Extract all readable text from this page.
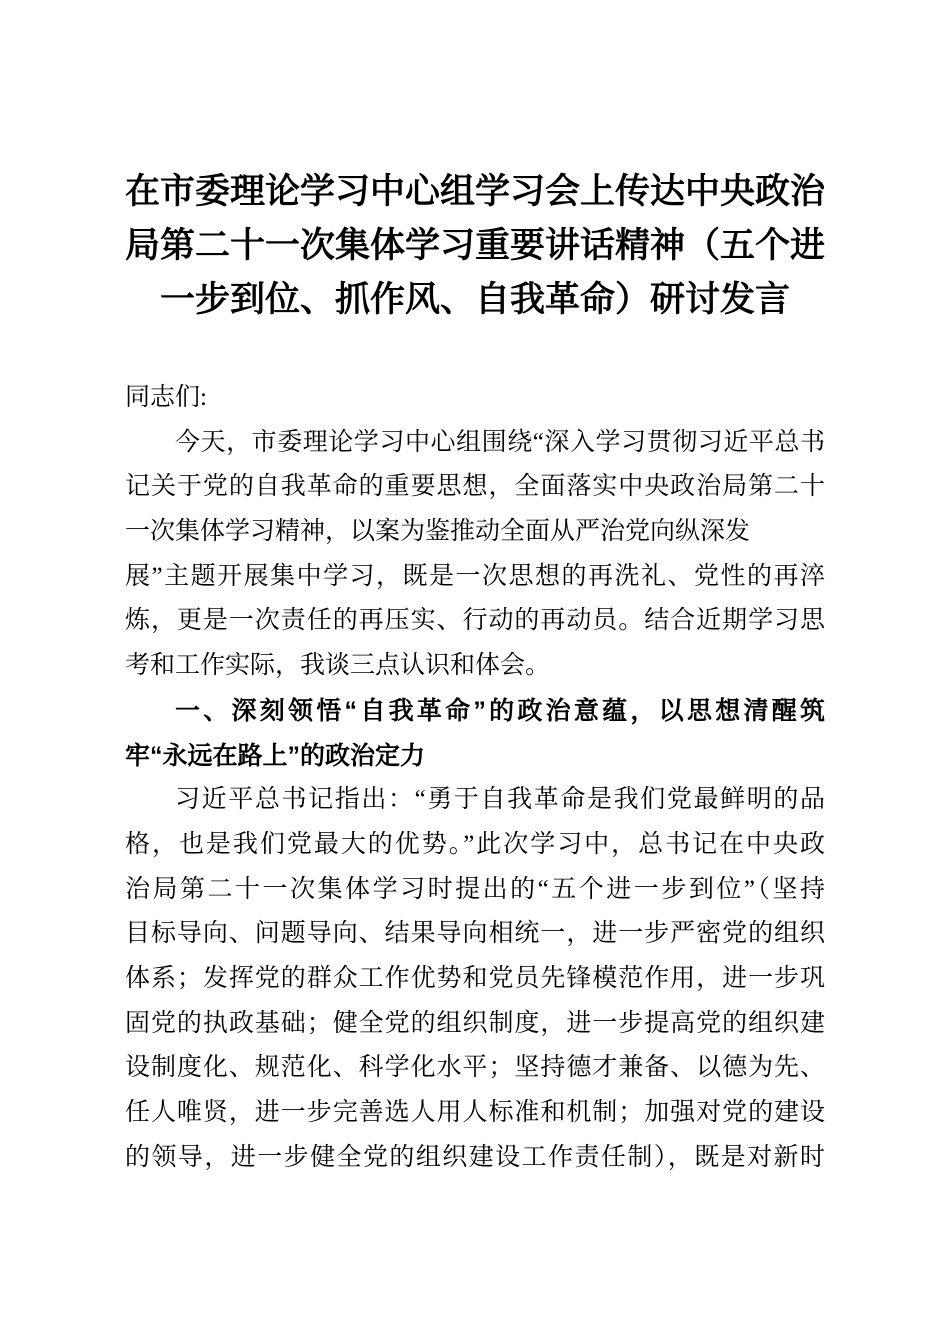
在市委理论学习中心组学习会上传达中央政治

局第二十一次集体学习重要讲话精神（五个进

一步到位、抓作风、自我革命）研讨发言

同志们:

今天，市委理论学习中心组围绕“深入学习贯彻习近平总书

记关于党的自我革命的重要思想，全面落实中央政治局第二十

一次集体学习精神，以案为鉴推动全面从严治党向纵深发

展”主题开展集中学习，既是一次思想的再洗礼、党性的再淬

炼，更是一次责任的再压实、行动的再动员。结合近期学习思

考和工作实际，我谈三点认识和体会。

一、深刻领悟“自我革命”的政治意蕴，以思想清醒筑

牢“永远在路上”的政治定力

习近平总书记指出：“勇于自我革命是我们党最鲜明的品

格，也是我们党最大的优势。”此次学习中，总书记在中央政

治局第二十一次集体学习时提出的“五个进一步到位”（坚持

目标导向、问题导向、结果导向相统一，进一步严密党的组织

体系；发挥党的群众工作优势和党员先锋模范作用，进一步巩

固党的执政基础；健全党的组织制度，进一步提高党的组织建

设制度化、规范化、科学化水平；坚持德才兼备、以德为先、

任人唯贤，进一步完善选人用人标准和机制；加强对党的建设

的领导，进一步健全党的组织建设工作责任制），既是对新时
